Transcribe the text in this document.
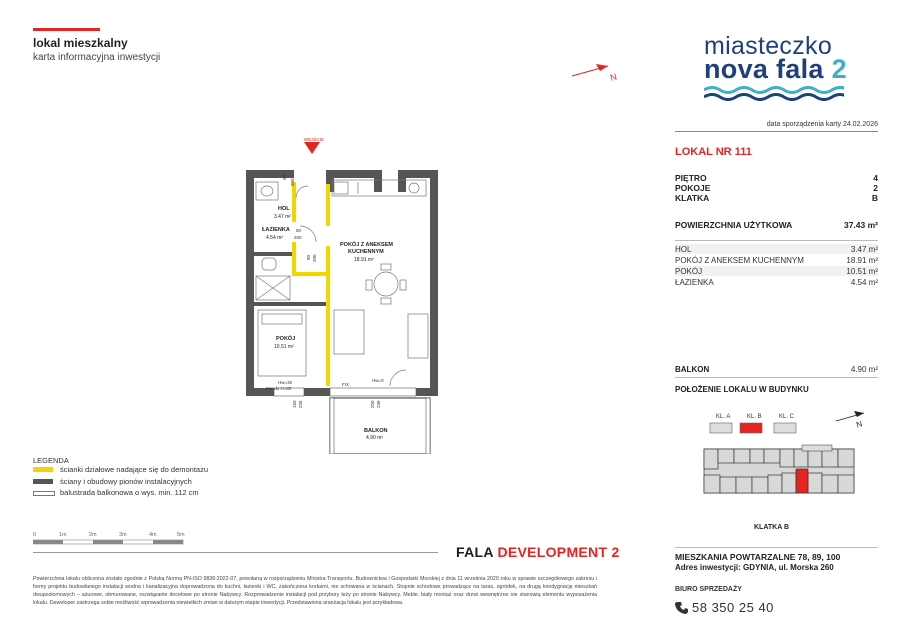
lokal mieszkalny
karta informacyjna inwestycji
N
miasteczko
nova fala 2
data sporządzenia karty 24.02.2026
LOKAL NR 111
PIĘTRO	4
POKOJE	2
KLATKA	B
POWIERZCHNIA UŻYTKOWA	37.43 m²
HOL	3.47 m²
POKÓJ Z ANEKSEM KUCHENNYM	18.91 m²
POKÓJ	10.51 m²
ŁAZIENKA	4.54 m²
BALKON	4.90 m²
POŁOŻENIE LOKALU W BUDYNKU
KL. A	KL. B	KL. C
N
KLATKA B
MIESZKANIA POWTARZALNE 78, 89, 100
Adres inwestycji: GDYNIA, ul. Morska 260
BIURO SPRZEDAŻY
58 350 25 40
WEJŚCIE
HOL
3.47 m²
ŁAZIENKA
4.54 m²
POKÓJ Z ANEKSEM
KUCHENNYM
18.91 m²
POKÓJ
10.51 m²
90
200
80
200
80 200
Hw=30
FIX do H=80
FIX
Hw=0
150 226	250 236
BALKON
4.90 m²
LEGENDA
ścianki działowe nadające się do demontażu
ściany i obudowy pionów instalacyjnych
balustrada balkonowa o wys. min. 112 cm
0	1m	2m	3m	4m	5m
FALA DEVELOPMENT 2
Powierzchnia lokalu obliczona zostało zgodnie z Polską Normą PN-ISO 9836:2022-07, powołaną w rozporządzeniu Ministra Transportu, Budownictwa i Gospodarki Morskiej z dnia 11 września 2020 roku w sprawie szczegółowego zakresu i formy projektu budowlanego instalacji wodna i kanalizacyjna doprowadzona do kuchni, łazienki i WC, zakończona korkami, nie schowana w ścianach. Stopnie schodowe prowadzące na taras, ogródek, na drugą kondygnację mieszkań dwupoziomowych – ażurowe, obmurowane, rozwiązanie docelowe po stronie Nabywcy. Rozprowadzenie instalacji pod przybory leży po stronie Nabywcy. Meble, biały montaż oraz drzwi wewnętrzne nie stanowią elementu wyposażenia lokalu. Deweloper zastrzega sobie możliwość wprowadzenia niewielkich zmian w dalszym etapie inwestycji. Przedstawiona aranżacja lokalu jest przykładowa.
